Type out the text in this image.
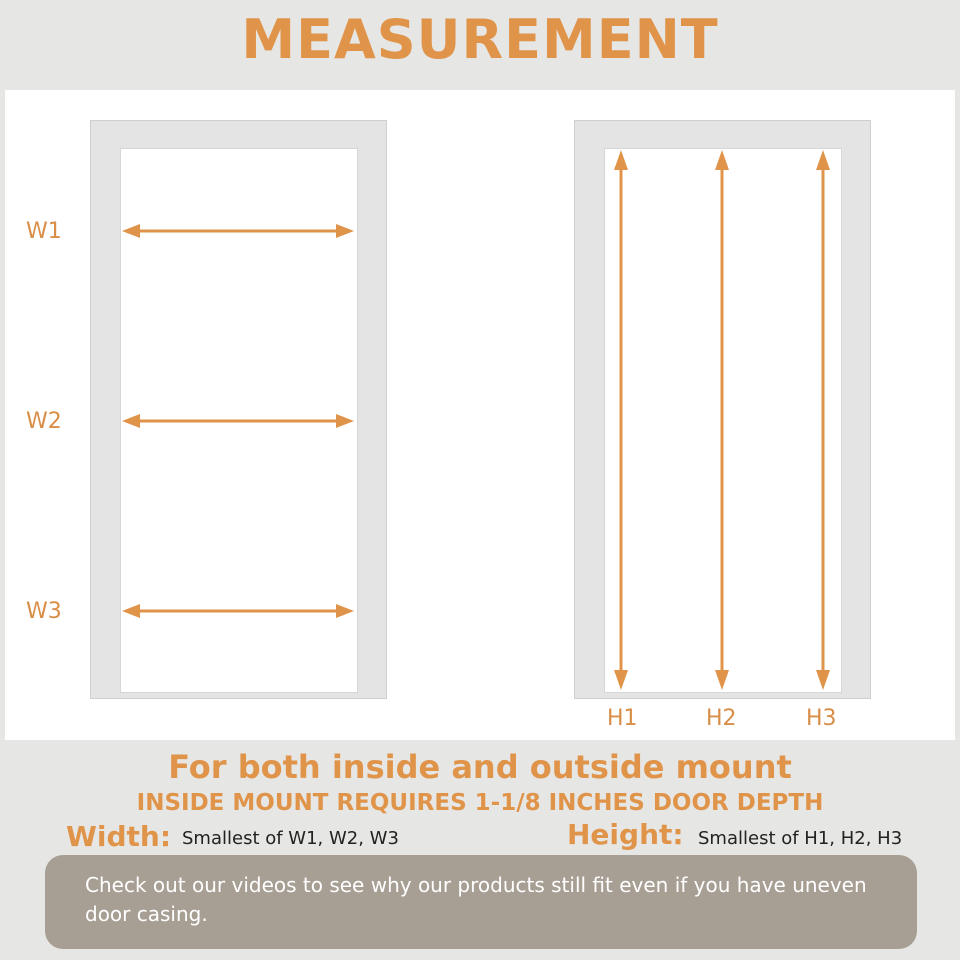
MEASUREMENT
W1
W2
W3
H1	H2	H3
For both inside and outside mount
INSIDE MOUNT REQUIRES 1-1/8 INCHES DOOR DEPTH
Width: Smallest of W1, W2, W3	Height: Smallest of H1, H2, H3
Check out our videos to see why our products still fit even if you have uneven door casing.
